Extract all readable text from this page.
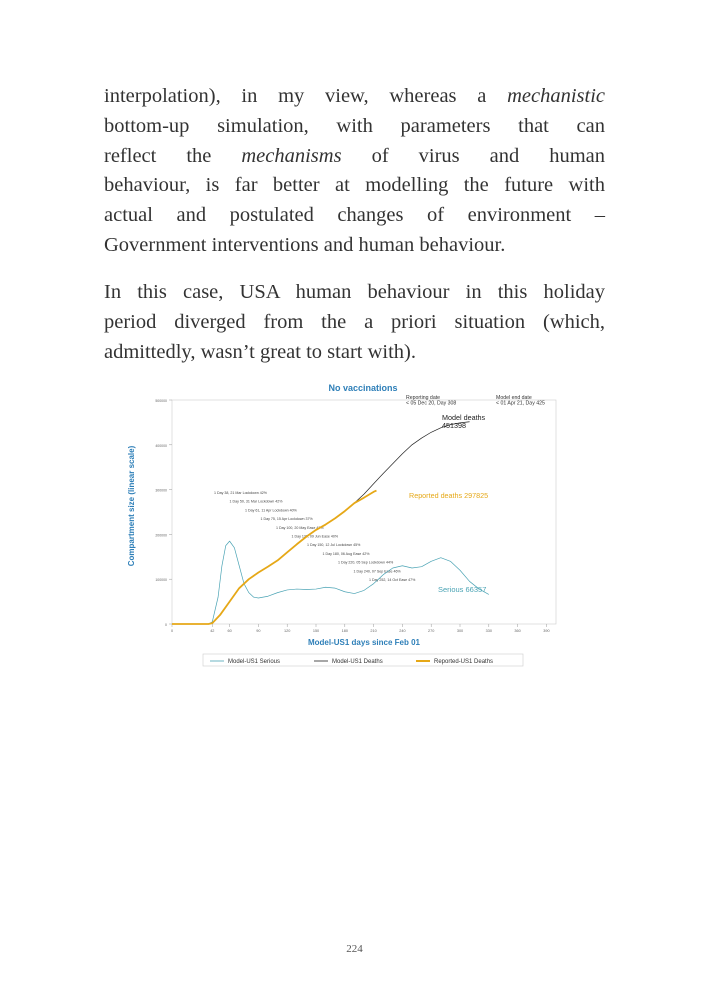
interpolation), in my view, whereas a mechanistic
bottom-up simulation, with parameters that can
reflect the mechanisms of virus and human
behaviour, is far better at modelling the future with
actual and postulated changes of environment –
Government interventions and human behaviour.

In this case, USA human behaviour in this holiday
period diverged from the a priori situation (which,
admittedly, wasn’t great to start with).

No vaccinations
Compartment size (linear scale)
Model-US1 days since Feb 01
500000
400000
300000
200000
100000
0
0	42	60	90	120	150	180	210	240	270	300	330	360	390
1 Day 38, 21 Mar Lockdown 42%
1 Day 50, 31 Mar Lockdown 42%
1 Day 61, 11 Apr Lockdown 40%
1 Day 75, 15 Apr Lockdown 37%
1 Day 100, 20 May Ease 47%
1 Day 120, 09 Jun Ease 40%
1 Day 150, 12 Jul Lockdown 45%
1 Day 180, 06 Aug Ease 42%
1 Day 220, 05 Sep Lockdown 44%
1 Day 240, 07 Sep Ease 46%
1 Day 252, 14 Oct Ease 47%
Reporting date < 05 Dec 20, Day 308
Model end date < 01 Apr 21, Day 425
Model deaths 451398
Reported deaths 297825
Serious 66357
Model-US1 Serious	Model-US1 Deaths	Reported-US1 Deaths
224
